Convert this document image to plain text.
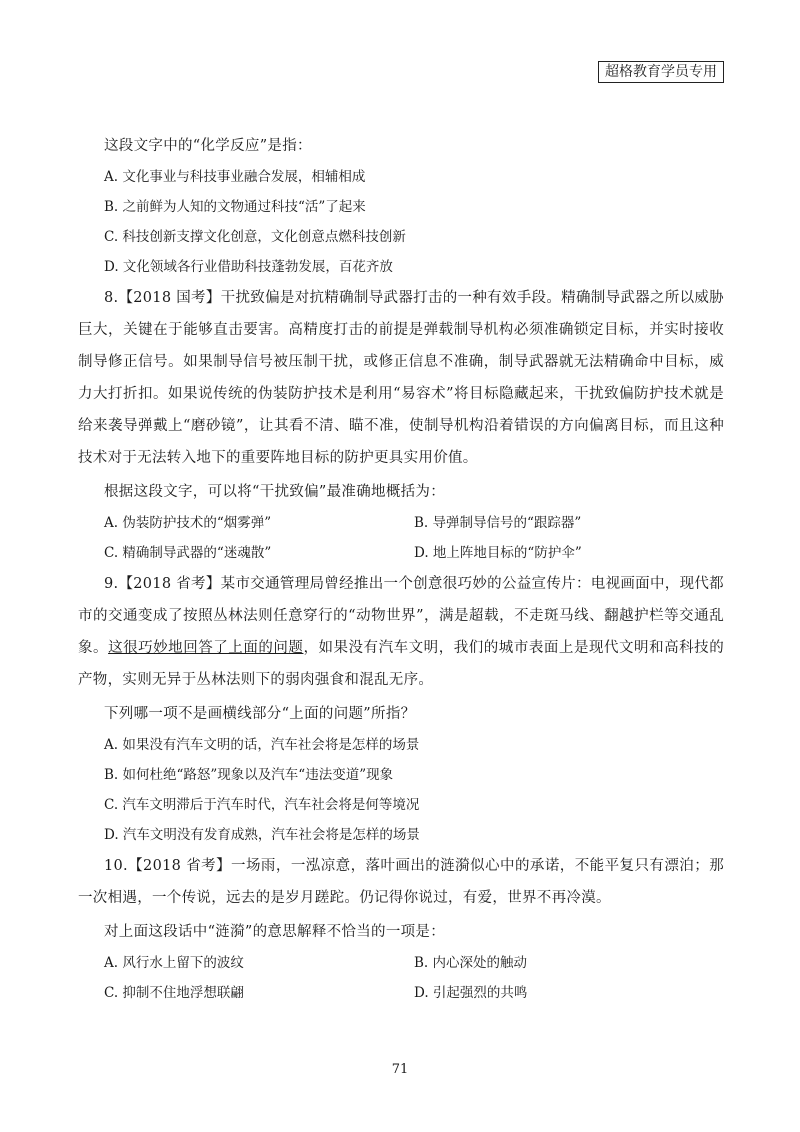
超格教育学员专用

这段文字中的“化学反应”是指：

A. 文化事业与科技事业融合发展，相辅相成

B. 之前鲜为人知的文物通过科技“活”了起来

C. 科技创新支撑文化创意，文化创意点燃科技创新

D. 文化领域各行业借助科技蓬勃发展，百花齐放

8.【2018 国考】干扰致偏是对抗精确制导武器打击的一种有效手段。精确制导武器之所以威胁巨大，关键在于能够直击要害。高精度打击的前提是弹载制导机构必须准确锁定目标，并实时接收制导修正信号。如果制导信号被压制干扰，或修正信息不准确，制导武器就无法精确命中目标，威力大打折扣。如果说传统的伪装防护技术是利用“易容术”将目标隐藏起来，干扰致偏防护技术就是给来袭导弹戴上“磨砂镜”，让其看不清、瞄不准，使制导机构沿着错误的方向偏离目标，而且这种技术对于无法转入地下的重要阵地目标的防护更具实用价值。

根据这段文字，可以将“干扰致偏”最准确地概括为：

A. 伪装防护技术的“烟雾弹”	B. 导弹制导信号的“跟踪器”
C. 精确制导武器的“迷魂散”	D. 地上阵地目标的“防护伞”

9.【2018 省考】某市交通管理局曾经推出一个创意很巧妙的公益宣传片：电视画面中，现代都市的交通变成了按照丛林法则任意穿行的“动物世界”，满是超载，不走斑马线、翻越护栏等交通乱象。这很巧妙地回答了上面的问题，如果没有汽车文明，我们的城市表面上是现代文明和高科技的产物，实则无异于丛林法则下的弱肉强食和混乱无序。

下列哪一项不是画横线部分“上面的问题”所指？

A. 如果没有汽车文明的话，汽车社会将是怎样的场景

B. 如何杜绝“路怒”现象以及汽车“违法变道”现象

C. 汽车文明滞后于汽车时代，汽车社会将是何等境况

D. 汽车文明没有发育成熟，汽车社会将是怎样的场景

10.【2018 省考】一场雨，一泓凉意，落叶画出的涟漪似心中的承诺，不能平复只有漂泊；那一次相遇，一个传说，远去的是岁月蹉跎。仍记得你说过，有爱，世界不再冷漠。

对上面这段话中“涟漪”的意思解释不恰当的一项是：

A. 风行水上留下的波纹	B. 内心深处的触动
C. 抑制不住地浮想联翩	D. 引起强烈的共鸣
71
